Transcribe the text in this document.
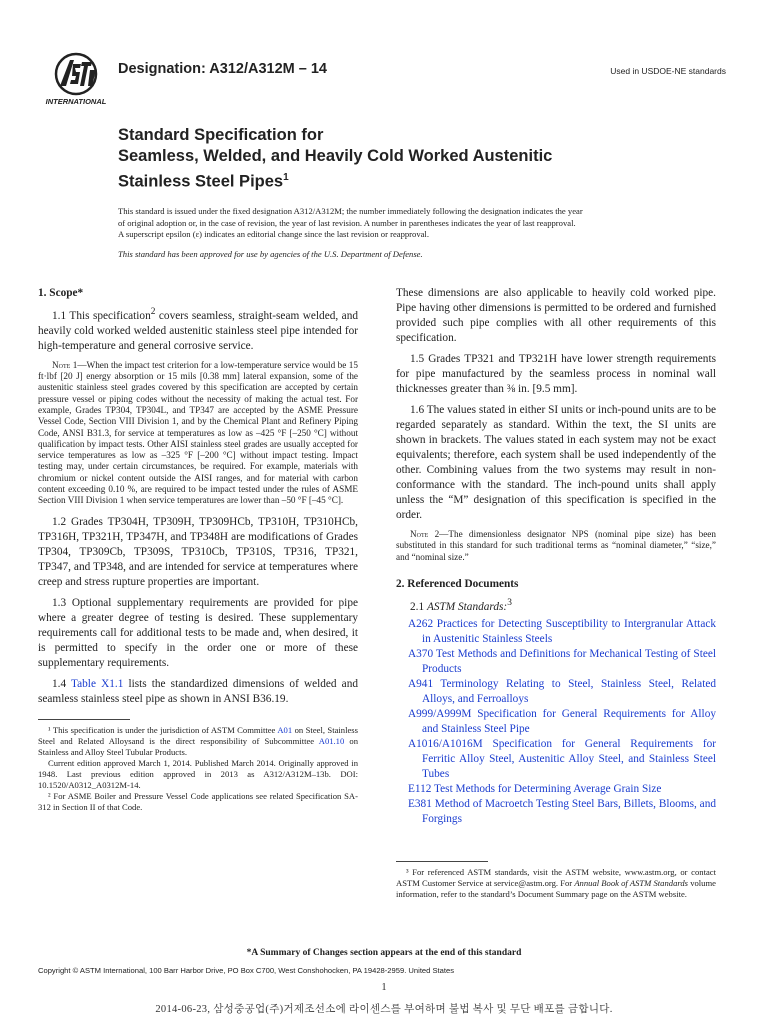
INTERNATIONAL
Designation: A312/A312M – 14	Used in USDOE-NE standards
Standard Specification for
Seamless, Welded, and Heavily Cold Worked Austenitic
Stainless Steel Pipes$^1$
This standard is issued under the fixed designation A312/A312M; the number immediately following the designation indicates the year
of original adoption or, in the case of revision, the year of last revision. A number in parentheses indicates the year of last reapproval.
A superscript epsilon (ε) indicates an editorial change since the last revision or reapproval.
This standard has been approved for use by agencies of the U.S. Department of Defense.
1. Scope*

1.1 This specification$^2$ covers seamless, straight-seam welded, and heavily cold worked welded austenitic stainless steel pipe intended for high-temperature and general corrosive service.

Note 1—When the impact test criterion for a low-temperature service would be 15 ft·lbf [20 J] energy absorption or 15 mils [0.38 mm] lateral expansion, some of the austenitic stainless steel grades covered by this specification are accepted by certain pressure vessel or piping codes without the necessity of making the actual test. For example, Grades TP304, TP304L, and TP347 are accepted by the ASME Pressure Vessel Code, Section VIII Division 1, and by the Chemical Plant and Refinery Piping Code, ANSI B31.3, for service at temperatures as low as –425 °F [–250 °C] without qualification by impact tests. Other AISI stainless steel grades are usually accepted for service temperatures as low as –325 °F [–200 °C] without impact testing. Impact testing may, under certain circumstances, be required. For example, materials with chromium or nickel content outside the AISI ranges, and for material with carbon content exceeding 0.10 %, are required to be impact tested under the rules of ASME Section VIII Division 1 when service temperatures are lower than –50 °F [–45 °C].

1.2 Grades TP304H, TP309H, TP309HCb, TP310H, TP310HCb, TP316H, TP321H, TP347H, and TP348H are modifications of Grades TP304, TP309Cb, TP309S, TP310Cb, TP310S, TP316, TP321, TP347, and TP348, and are intended for service at temperatures where creep and stress rupture properties are important.

1.3 Optional supplementary requirements are provided for pipe where a greater degree of testing is desired. These supplementary requirements call for additional tests to be made and, when desired, it is permitted to specify in the order one or more of these supplementary requirements.

1.4 Table X1.1 lists the standardized dimensions of welded and seamless stainless steel pipe as shown in ANSI B36.19.

¹ This specification is under the jurisdiction of ASTM Committee A01 on Steel, Stainless Steel and Related Alloysand is the direct responsibility of Subcommittee A01.10 on Stainless and Alloy Steel Tubular Products.

Current edition approved March 1, 2014. Published March 2014. Originally approved in 1948. Last previous edition approved in 2013 as A312/A312M–13b. DOI: 10.1520/A0312_A0312M-14.

² For ASME Boiler and Pressure Vessel Code applications see related Specification SA-312 in Section II of that Code.

These dimensions are also applicable to heavily cold worked pipe. Pipe having other dimensions is permitted to be ordered and furnished provided such pipe complies with all other requirements of this specification.

1.5 Grades TP321 and TP321H have lower strength requirements for pipe manufactured by the seamless process in nominal wall thicknesses greater than ⅜ in. [9.5 mm].

1.6 The values stated in either SI units or inch-pound units are to be regarded separately as standard. Within the text, the SI units are shown in brackets. The values stated in each system may not be exact equivalents; therefore, each system shall be used independently of the other. Combining values from the two systems may result in non-conformance with the standard. The inch-pound units shall apply unless the “M” designation of this specification is specified in the order.

Note 2—The dimensionless designator NPS (nominal pipe size) has been substituted in this standard for such traditional terms as “nominal diameter,” “size,” and “nominal size.”
2. Referenced Documents

2.1 ASTM Standards:$^3$

A262 Practices for Detecting Susceptibility to Intergranular Attack in Austenitic Stainless Steels
A370 Test Methods and Definitions for Mechanical Testing of Steel Products
A941 Terminology Relating to Steel, Stainless Steel, Related Alloys, and Ferroalloys
A999/A999M Specification for General Requirements for Alloy and Stainless Steel Pipe
A1016/A1016M Specification for General Requirements for Ferritic Alloy Steel, Austenitic Alloy Steel, and Stainless Steel Tubes
E112 Test Methods for Determining Average Grain Size
E381 Method of Macroetch Testing Steel Bars, Billets, Blooms, and Forgings

³ For referenced ASTM standards, visit the ASTM website, www.astm.org, or contact ASTM Customer Service at service@astm.org. For Annual Book of ASTM Standards volume information, refer to the standard’s Document Summary page on the ASTM website.

*A Summary of Changes section appears at the end of this standard
Copyright © ASTM International, 100 Barr Harbor Drive, PO Box C700, West Conshohocken, PA 19428-2959. United States
1
2014-06-23, 삼성중공업(주)거제조선소에 라이센스를 부여하며 불법 복사 및 무단 배포를 금합니다.
